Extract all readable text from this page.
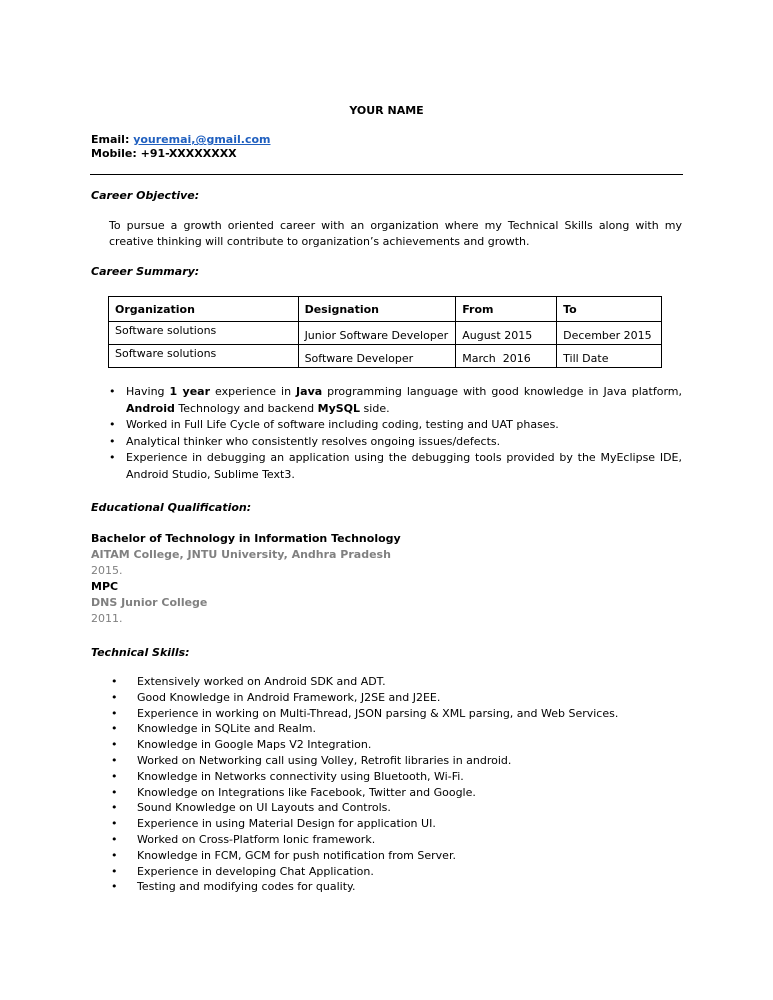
YOUR NAME
Email: youremai,@gmail.com
Mobile: +91-XXXXXXXX
Career Objective:
To pursue a growth oriented career with an organization where my Technical Skills along with my creative thinking will contribute to organization’s achievements and growth.
Career Summary:
Organization	Designation	From	To
Software solutions	Junior Software Developer	August 2015	December 2015
Software solutions	Software Developer	March  2016	Till Date
• Having 1 year experience in Java programming language with good knowledge in Java platform, Android Technology and backend MySQL side.
• Worked in Full Life Cycle of software including coding, testing and UAT phases.
• Analytical thinker who consistently resolves ongoing issues/defects.
• Experience in debugging an application using the debugging tools provided by the MyEclipse IDE, Android Studio, Sublime Text3.
Educational Qualification:
Bachelor of Technology in Information Technology
AITAM College, JNTU University, Andhra Pradesh
2015.
MPC
DNS Junior College
2011.
Technical Skills:
• Extensively worked on Android SDK and ADT.
• Good Knowledge in Android Framework, J2SE and J2EE.
• Experience in working on Multi-Thread, JSON parsing & XML parsing, and Web Services.
• Knowledge in SQLite and Realm.
• Knowledge in Google Maps V2 Integration.
• Worked on Networking call using Volley, Retrofit libraries in android.
• Knowledge in Networks connectivity using Bluetooth, Wi-Fi.
• Knowledge on Integrations like Facebook, Twitter and Google.
• Sound Knowledge on UI Layouts and Controls.
• Experience in using Material Design for application UI.
• Worked on Cross-Platform Ionic framework.
• Knowledge in FCM, GCM for push notification from Server.
• Experience in developing Chat Application.
• Testing and modifying codes for quality.
